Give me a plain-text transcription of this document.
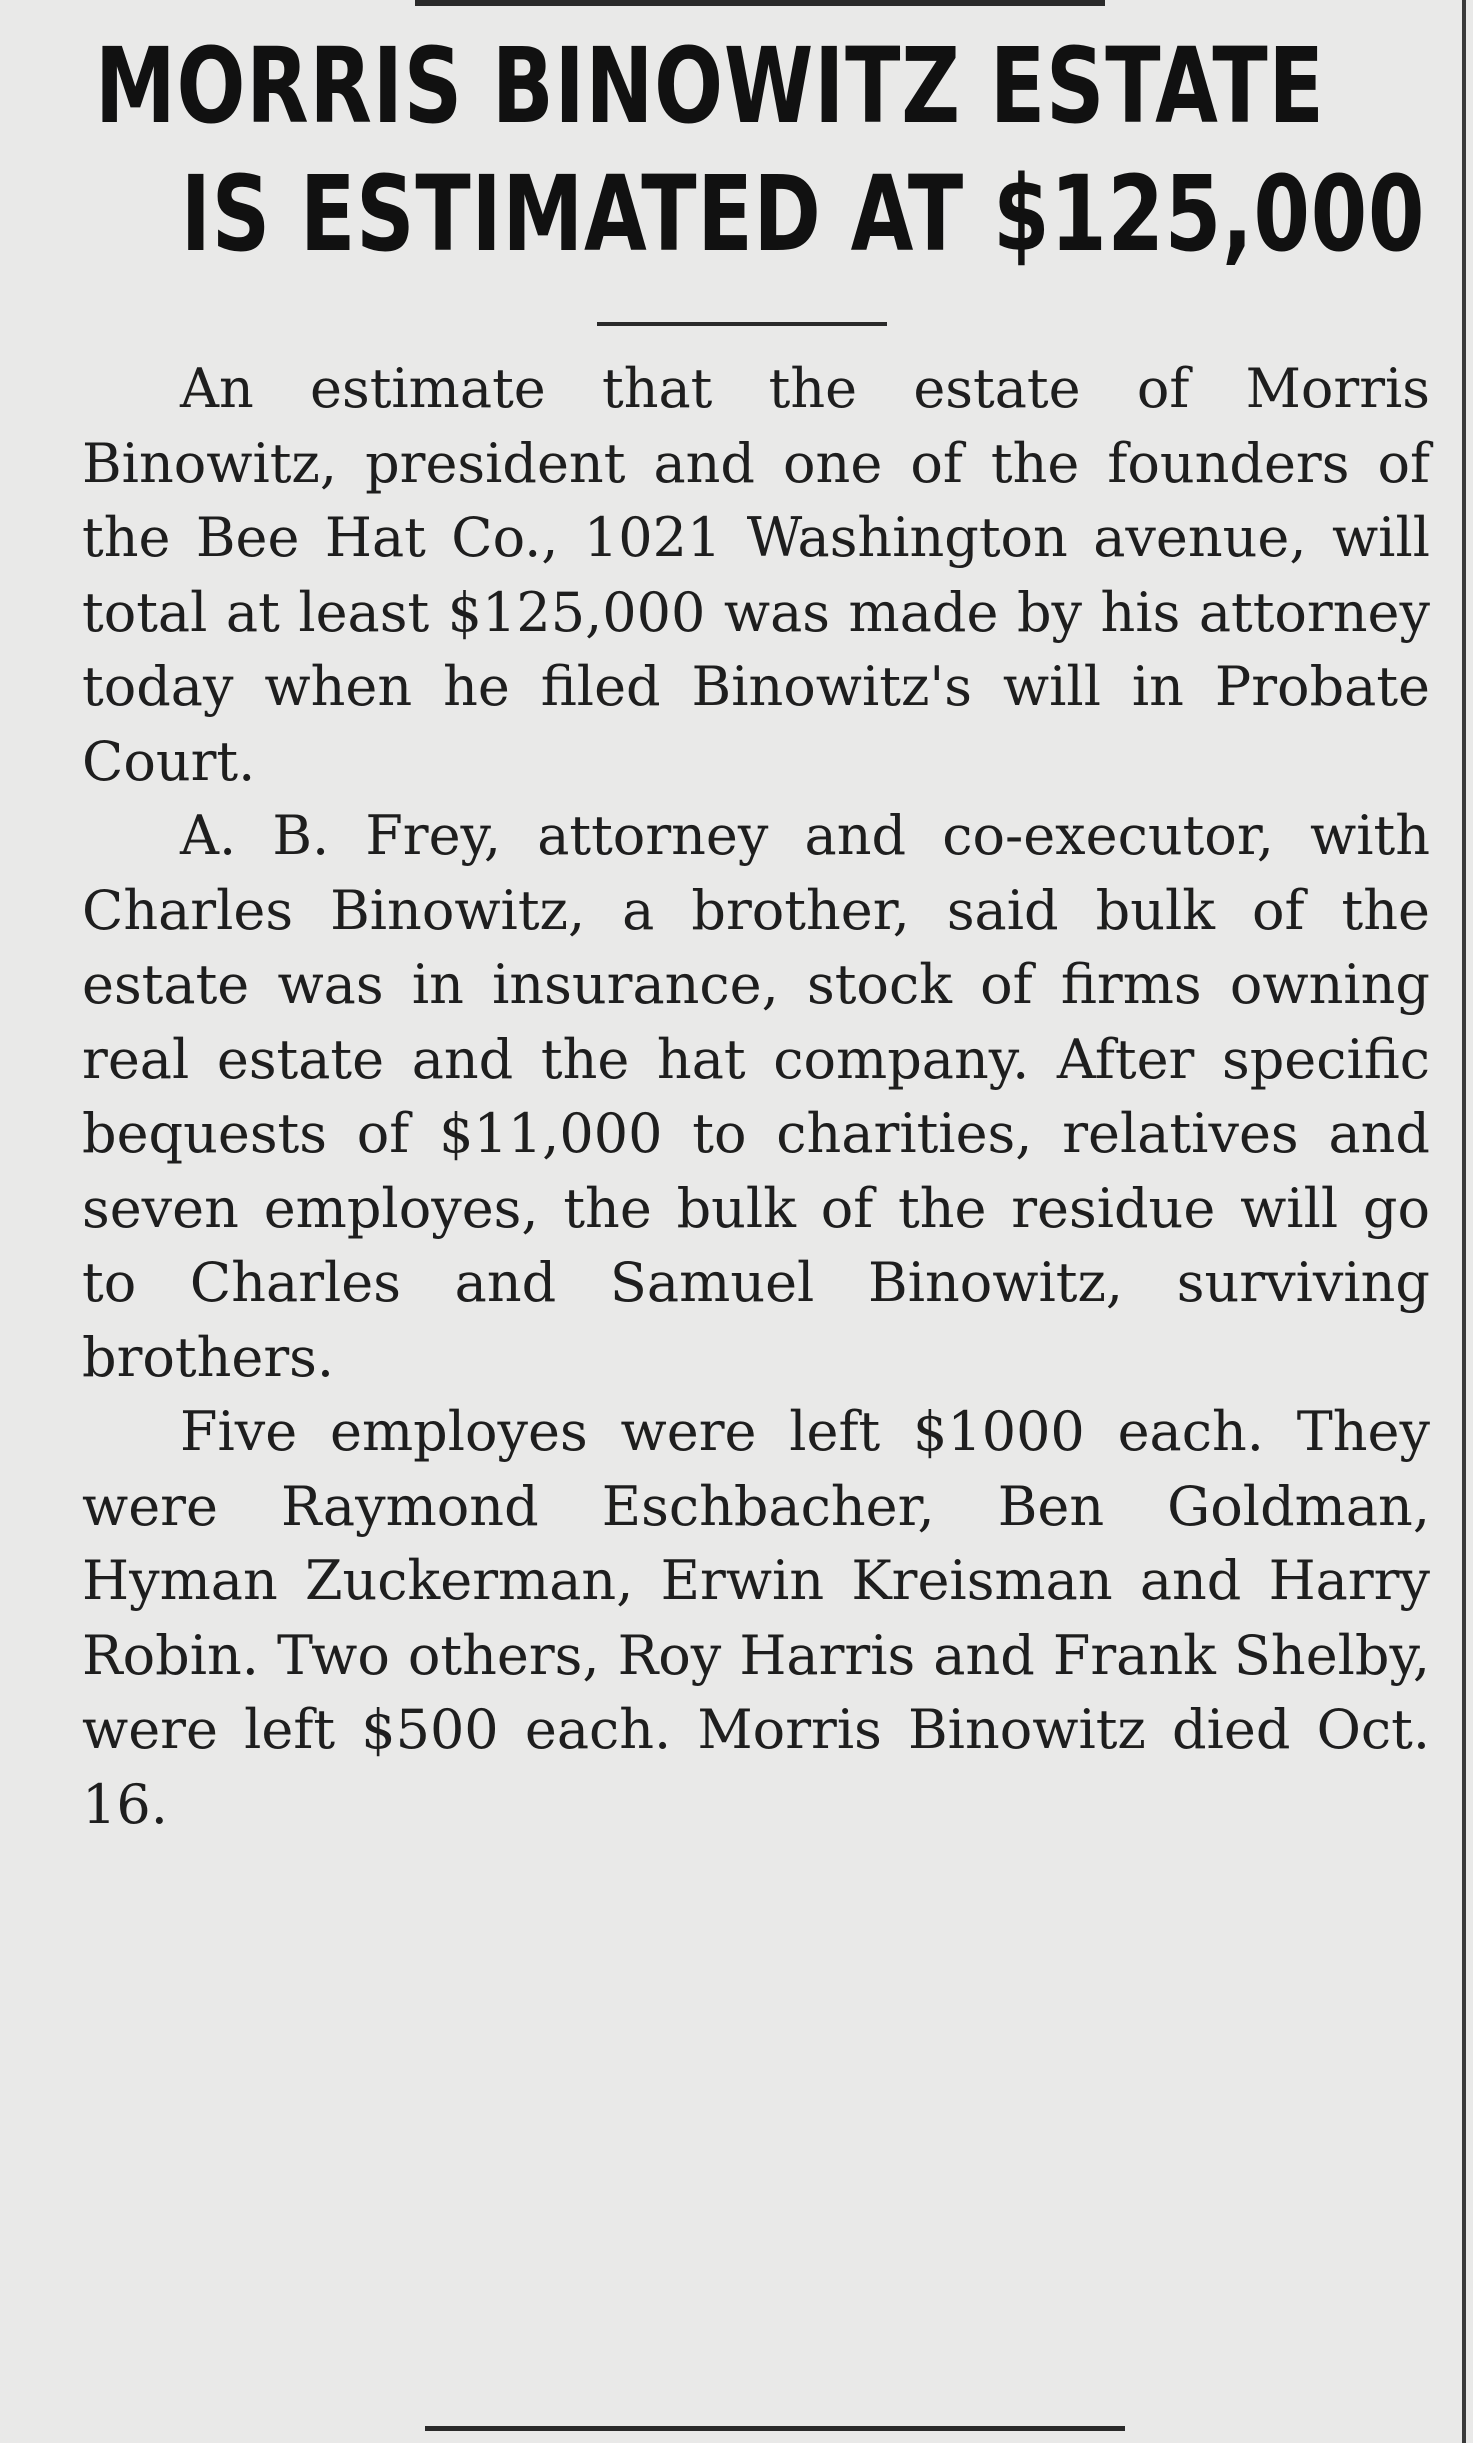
MORRIS BINOWITZ ESTATE
IS ESTIMATED AT $125,000

An estimate that the estate of Morris Binowitz, president and one of the founders of the Bee Hat Co., 1021 Washington avenue, will total at least $125,000 was made by his attorney today when he filed Binowitz's will in Probate Court.

A. B. Frey, attorney and co-executor, with Charles Binowitz, a brother, said bulk of the estate was in insurance, stock of firms owning real estate and the hat company. After specific bequests of $11,000 to charities, relatives and seven employes, the bulk of the residue will go to Charles and Samuel Binowitz, surviving brothers.

Five employes were left $1000 each. They were Raymond Eschbacher, Ben Goldman, Hyman Zuckerman, Erwin Kreisman and Harry Robin. Two others, Roy Harris and Frank Shelby, were left $500 each. Morris Binowitz died Oct. 16.
